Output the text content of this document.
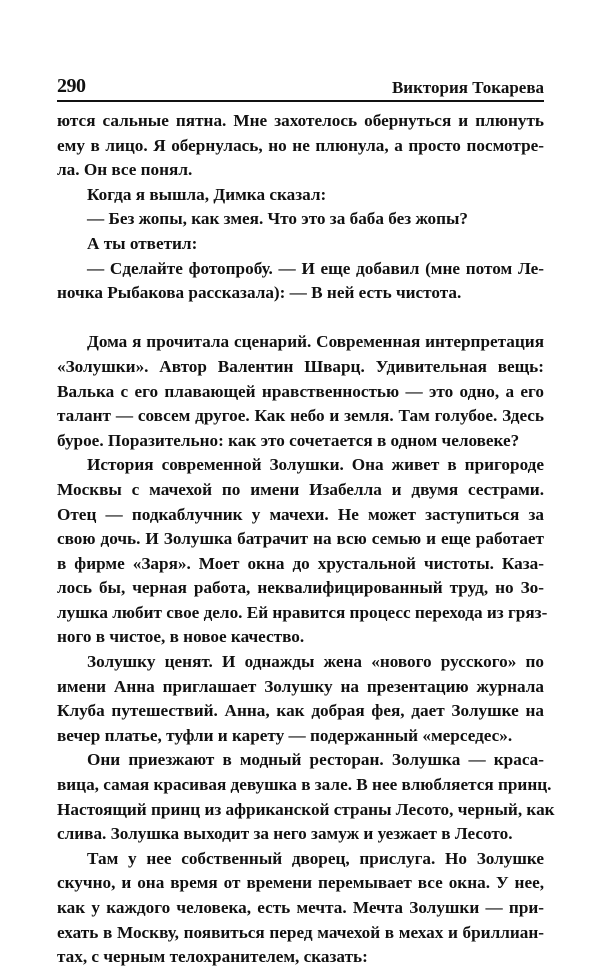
290	Виктория Токарева
ются сальные пятна. Мне захотелось обернуться и плюнуть
ему в лицо. Я обернулась, но не плюнула, а просто посмотре-
ла. Он все понял.
Когда я вышла, Димка сказал:
— Без жопы, как змея. Что это за баба без жопы?
А ты ответил:
— Сделайте фотопробу. — И еще добавил (мне потом Ле-
ночка Рыбакова рассказала): — В ней есть чистота.
Дома я прочитала сценарий. Современная интерпретация
«Золушки». Автор Валентин Шварц. Удивительная вещь:
Валька с его плавающей нравственностью — это одно, а его
талант — совсем другое. Как небо и земля. Там голубое. Здесь
бурое. Поразительно: как это сочетается в одном человеке?
История современной Золушки. Она живет в пригороде
Москвы с мачехой по имени Изабелла и двумя сестрами.
Отец — подкаблучник у мачехи. Не может заступиться за
свою дочь. И Золушка батрачит на всю семью и еще работает
в фирме «Заря». Моет окна до хрустальной чистоты. Каза-
лось бы, черная работа, неквалифицированный труд, но Зо-
лушка любит свое дело. Ей нравится процесс перехода из гряз-
ного в чистое, в новое качество.
Золушку ценят. И однажды жена «нового русского» по
имени Анна приглашает Золушку на презентацию журнала
Клуба путешествий. Анна, как добрая фея, дает Золушке на
вечер платье, туфли и карету — подержанный «мерседес».
Они приезжают в модный ресторан. Золушка — краса-
вица, самая красивая девушка в зале. В нее влюбляется принц.
Настоящий принц из африканской страны Лесото, черный, как
слива. Золушка выходит за него замуж и уезжает в Лесото.
Там у нее собственный дворец, прислуга. Но Золушке
скучно, и она время от времени перемывает все окна. У нее,
как у каждого человека, есть мечта. Мечта Золушки — при-
ехать в Москву, появиться перед мачехой в мехах и бриллиан-
тах, с черным телохранителем, сказать:
